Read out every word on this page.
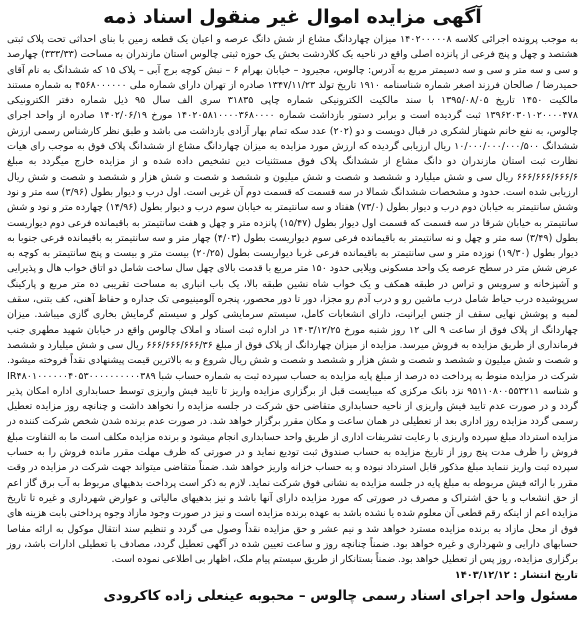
آگهی مزایده اموال غیر منقول اسناد ذمه

به موجب پرونده اجرائی کلاسه ۱۴۰۲۰۰۰۰۰۸ میزان چهاردانگ مشاع از شش دانگ عرصه و اعیان یک قطعه زمین با بنای احداثی تحت پلاک ثبتی هشتصد و چهل و پنج فرعی از پانزده اصلی واقع در ناحیه یک کلاردشت بخش یک حوزه ثبتی چالوس استان مازندران به مساحت (۳۳۳/۳۳) چهارصد و سی و سه متر و سی و سه دسیمتر مربع به آدرس: چالوس، مجیرود – خیابان بهرام ۶ – نبش کوچه برج آبی – پلاک ۱۵ که ششدانگ به نام آقای حمیدرضا / صالحان فرزند اصغر شماره شناسنامه ۱۹۱۰ تاریخ تولد ۱۳۴۷/۱۱/۲۳ صادره از تهران دارای شماره ملی ۴۵۶۸۰۰۰۰۰۰ به شماره مستند مالکیت ۱۴۵۰ تاریخ ۱۳۹۵/۰۸/۰۵ با سند مالکیت الکترونیکی شماره چاپی ۳۱۸۳۵ سری الف سال ۹۵ ذیل شماره دفتر الکترونیکی ۱۳۹۶۲۰۳۰۱۰۲۰۰۰۰۴۷۸ ثبت گردیده است و برابر دستور بازداشت شماره ۱۴۰۲۰۵۸۱۰۰۰۰۳۶۸۰۰۰۰ مورخ ۱۴۰۲/۰۶/۱۹ صادره از واحد اجرای چالوس، به نفع خانم شهناز لشکری در قبال دویست و دو (۲۰۲) عدد سکه تمام بهار آزادی بازداشت می باشد و طبق نظر کارشناس رسمی ارزش ششدانگ ۱۰/۰۰۰/۰۰۰/۰۰۰/۵۰۰ ریال ارزیابی گردیده که ارزش مورد مزایده به میزان چهاردانگ مشاع از ششدانگ پلاک فوق به موجب رای هیات نظارت ثبت استان مازندران دو دانگ مشاع از ششدانگ پلاک فوق مستثنیات دین تشخیص داده شده و از مزایده خارج میگردد به مبلغ ۶۶۶/۶۶۶/۶۶۶/۶ ریال سی و شش میلیارد و ششصد و شصت و شش میلیون و ششصد و شصت و شش هزار و ششصد و شصت و شش ریال ارزیابی شده است. حدود و مشخصات ششدانگ شمالا در سه قسمت که قسمت دوم آن غربی است. اول درب و دیوار بطول (۳/۹۶) سه متر و نود وشش سانتیمتر به خیابان دوم درب و دیوار بطول (۷۳/۰) هفتاد و سه سانتیمتر به خیابان سوم درب و دیوار بطول (۱۴/۹۶) چهارده متر و نود و شش سانتیمتر به خیابان شرقا در سه قسمت که قسمت اول دیوار بطول (۱۵/۴۷) پانزده متر و چهل و هفت سانتیمتر به باقیمانده فرعی دوم دیواریست بطول (۳/۴۹) سه متر و چهل و نه سانتیمتر به باقیمانده فرعی سوم دیواریست بطول (۴/۰۳) چهار متر و سه سانتیمتر به باقیمانده فرعی جنوبا به دیوار بطول (۱۹/۳۰) نوزده متر و سی سانتیمتر به باقیمانده فرعی غربا دیواریست بطول (۲۰/۲۵) بیست متر و بیست و پنج سانتیمتر به کوچه به عرض شش متر در سطح عرصه یک واحد مسکونی ویلایی حدود ۱۵۰ متر مربع با قدمت بالای چهل سال ساخت شامل دو اتاق خواب هال و پذیرایی و آشپزخانه و سرویس و تراس در طبقه همکف و یک خواب شاه نشین طبقه بالا، یک باب انباری به مساحت تقریبی ده متر مربع و پارکینگ سرپوشیده درب حیاط شامل درب ماشین رو و درب آدم رو مجزا، دور تا دور محصور، پنجره آلومینیومی تک جداره و حفاظ آهنی، کف بتنی، سقف لمبه و پوشش نهایی سقف از جنس ایرانیت، دارای انشعابات کامل، سیستم سرمایشی کولر و سیستم گرمایش بخاری گازی میباشد. میزان چهاردانگ از پلاک فوق از ساعت ۹ الی ۱۲ روز شنبه مورخ ۱۴۰۳/۱۲/۲۵ در اداره ثبت اسناد و املاک چالوس واقع در خیابان شهید مطهری جنب فرمانداری از طریق مزایده به فروش میرسد. مزایده از میزان چهاردانگ از پلاک فوق از مبلغ ۶۶۶/۶۶۶/۶۶۶/۳۶ ریال سی و شش میلیارد و ششصد و شصت و شش میلیون و ششصد و شصت و شش هزار و ششصد و شصت و شش ریال شروع و به بالاترین قیمت پیشنهادی نقداً فروخته میشود. شرکت در مزایده منوط به پرداخت ده درصد از مبلغ پایه مزایده به حساب سپرده ثبت به شماره حساب شبا IR۴۸۰۱۰۰۰۰۰۰۴۰۵۳۰۰۰۰۰۰۰۰۰۰۳۸۹ و شناسه ۹۵۱۱۰۸۰۰۵۵۳۲۱۱ نزد بانک مرکزی که میبایست قبل از برگزاری مزایده واریز تا تایید فیش واریزی توسط حسابداری اداره امکان پذیر گردد و در صورت عدم تایید فیش واریزی از ناحیه حسابداری متقاضی حق شرکت در جلسه مزایده را نخواهد داشت و چنانچه روز مزایده تعطیل رسمی گردد مزایده روز اداری بعد از تعطیلی در همان ساعت و مکان مقرر برگزار خواهد شد. در صورت عدم برنده شدن شخص شرکت کننده در مزایده استرداد مبلغ سپرده واریزی با رعایت تشریفات اداری از طریق واحد حسابداری انجام میشود و برنده مزایده مکلف است ما به التفاوت مبلغ فروش را ظرف مدت پنج روز از تاریخ مزایده به حساب صندوق ثبت تودیع نماید و در صورتی که ظرف مهلت مقرر مانده فروش را به حساب سپرده ثبت واریز ننماید مبلغ مذکور قابل استرداد نبوده و به حساب خزانه واریز خواهد شد. ضمناً متقاضی میتواند جهت شرکت در مزایده در وقت مقرر با ارائه فیش مربوطه به مبلغ پایه در جلسه مزایده به نشانی فوق شرکت نماید. لازم به ذکر است پرداخت بدهیهای مربوط به آب برق گاز اعم از حق انشعاب و یا حق اشتراک و مصرف در صورتی که مورد مزایده دارای آنها باشد و نیز بدهیهای مالیاتی و عوارض شهرداری و غیره تا تاریخ مزایده اعم از اینکه رقم قطعی آن معلوم شده یا نشده باشد به عهده برنده مزایده است و نیز در صورت وجود مازاد وجوه پرداختی بابت هزینه های فوق از محل مازاد به برنده مزایده مسترد خواهد شد و نیم عشر و حق مزایده نقداً وصول می گردد و تنظیم سند انتقال موکول به ارائه مفاصا حسابهای دارایی و شهرداری و غیره خواهد بود. ضمناً چنانچه روز و ساعت تعیین شده در آگهی تعطیل گردد، مصادف با تعطیلی ادارات باشد، روز برگزاری مزایده، روز پس از تعطیل خواهد بود. ضمناً بستانکار از طریق سیستم پیام ملک، اظهار بی اطلاعی نموده است.

تاریخ انتشار : ۱۴۰۳/۱۲/۱۲
مسئول واحد اجرای اسناد رسمی چالوس – محبوبه عینعلی زاده کاکرودی
